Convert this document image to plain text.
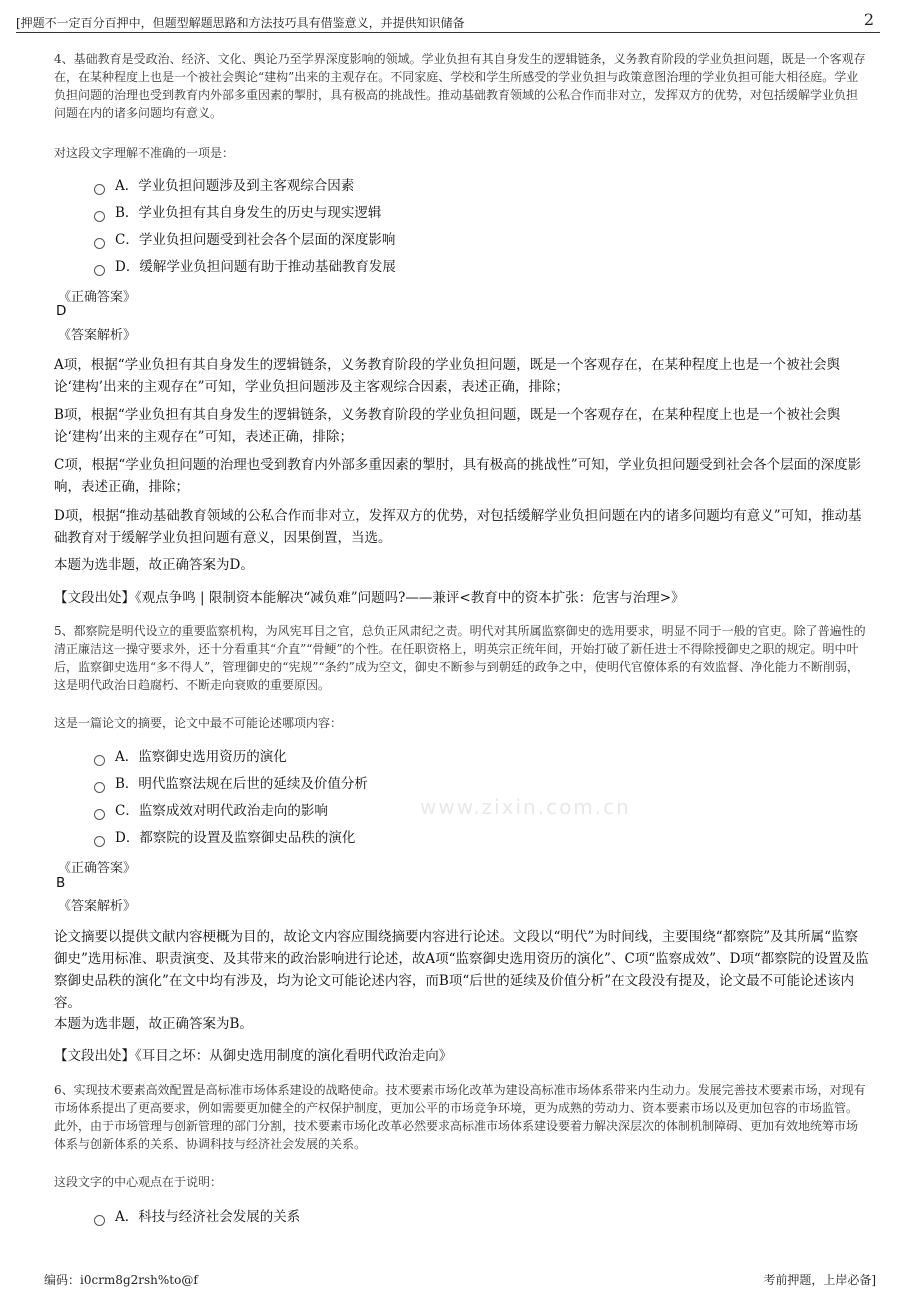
[押题不一定百分百押中，但题型解题思路和方法技巧具有借鉴意义，并提供知识储备	2

4、基础教育是受政治、经济、文化、舆论乃至学界深度影响的领域。学业负担有其自身发生的逻辑链条，义务教育阶段的学业负担问题，既是一个客观存在，在某种程度上也是一个被社会舆论“建构”出来的主观存在。不同家庭、学校和学生所感受的学业负担与政策意图治理的学业负担可能大相径庭。学业负担问题的治理也受到教育内外部多重因素的掣肘，具有极高的挑战性。推动基础教育领域的公私合作而非对立，发挥双方的优势，对包括缓解学业负担问题在内的诸多问题均有意义。

对这段文字理解不准确的一项是：

A．学业负担问题涉及到主客观综合因素
B．学业负担有其自身发生的历史与现实逻辑
C．学业负担问题受到社会各个层面的深度影响
D．缓解学业负担问题有助于推动基础教育发展
《正确答案》
D
《答案解析》

A项，根据“学业负担有其自身发生的逻辑链条，义务教育阶段的学业负担问题，既是一个客观存在，在某种程度上也是一个被社会舆论‘建构’出来的主观存在”可知，学业负担问题涉及主客观综合因素，表述正确，排除；

B项，根据“学业负担有其自身发生的逻辑链条，义务教育阶段的学业负担问题，既是一个客观存在，在某种程度上也是一个被社会舆论‘建构’出来的主观存在”可知，表述正确，排除；

C项，根据“学业负担问题的治理也受到教育内外部多重因素的掣肘，具有极高的挑战性”可知，学业负担问题受到社会各个层面的深度影响，表述正确，排除；

D项，根据“推动基础教育领域的公私合作而非对立，发挥双方的优势，对包括缓解学业负担问题在内的诸多问题均有意义”可知，推动基础教育对于缓解学业负担问题有意义，因果倒置，当选。

本题为选非题，故正确答案为D。

【文段出处】《观点争鸣 | 限制资本能解决“减负难”问题吗?——兼评<教育中的资本扩张：危害与治理>》

5、都察院是明代设立的重要监察机构，为风宪耳目之官，总负正风肃纪之责。明代对其所属监察御史的选用要求，明显不同于一般的官吏。除了普遍性的清正廉洁这一操守要求外，还十分看重其“介直”“骨鲠”的个性。在任职资格上，明英宗正统年间，开始打破了新任进士不得除授御史之职的规定。明中叶后，监察御史选用“多不得人”，管理御史的“宪规”“条约”成为空文，御史不断参与到朝廷的政争之中，使明代官僚体系的有效监督、净化能力不断削弱，这是明代政治日趋腐朽、不断走向衰败的重要原因。

这是一篇论文的摘要，论文中最不可能论述哪项内容：

A．监察御史选用资历的演化
B．明代监察法规在后世的延续及价值分析
C．监察成效对明代政治走向的影响
D．都察院的设置及监察御史品秩的演化
《正确答案》
B
《答案解析》

论文摘要以提供文献内容梗概为目的，故论文内容应围绕摘要内容进行论述。文段以“明代”为时间线，主要围绕“都察院”及其所属“监察御史”选用标准、职责演变、及其带来的政治影响进行论述，故A项“监察御史选用资历的演化”、C项“监察成效”、D项“都察院的设置及监察御史品秩的演化”在文中均有涉及，均为论文可能论述内容，而B项“后世的延续及价值分析”在文段没有提及，论文最不可能论述该内容。

本题为选非题，故正确答案为B。

【文段出处】《耳目之坏：从御史选用制度的演化看明代政治走向》

www.zixin.com.cn

6、实现技术要素高效配置是高标准市场体系建设的战略使命。技术要素市场化改革为建设高标准市场体系带来内生动力。发展完善技术要素市场，对现有市场体系提出了更高要求，例如需要更加健全的产权保护制度，更加公平的市场竞争环境，更为成熟的劳动力、资本要素市场以及更加包容的市场监管。此外，由于市场管理与创新管理的部门分割，技术要素市场化改革必然要求高标准市场体系建设要着力解决深层次的体制机制障碍、更加有效地统筹市场体系与创新体系的关系、协调科技与经济社会发展的关系。

这段文字的中心观点在于说明：

A．科技与经济社会发展的关系
编码：i0crm8g2rsh%to@f	考前押题，上岸必备]
